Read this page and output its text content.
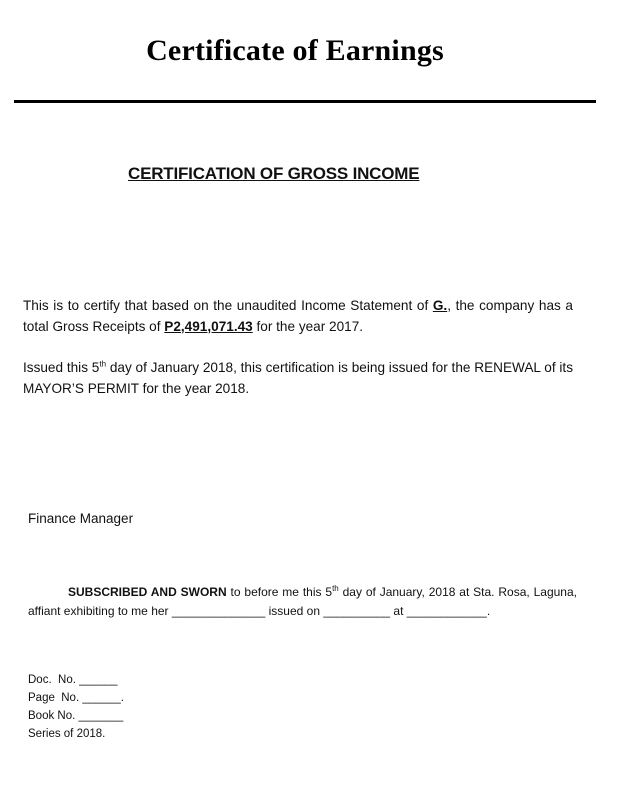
Certificate of Earnings
CERTIFICATION OF GROSS INCOME

This is to certify that based on the unaudited Income Statement of G., the company has a total Gross Receipts of P2,491,071.43 for the year 2017.

Issued this 5th day of January 2018, this certification is being issued for the RENEWAL of its MAYOR’S PERMIT for the year 2018.

Finance Manager

SUBSCRIBED AND SWORN to before me this 5th day of January, 2018 at Sta. Rosa, Laguna, affiant exhibiting to me her ______________ issued on __________ at ____________.

Doc.  No. ______
Page  No. ______.
Book No. _______
Series of 2018.
